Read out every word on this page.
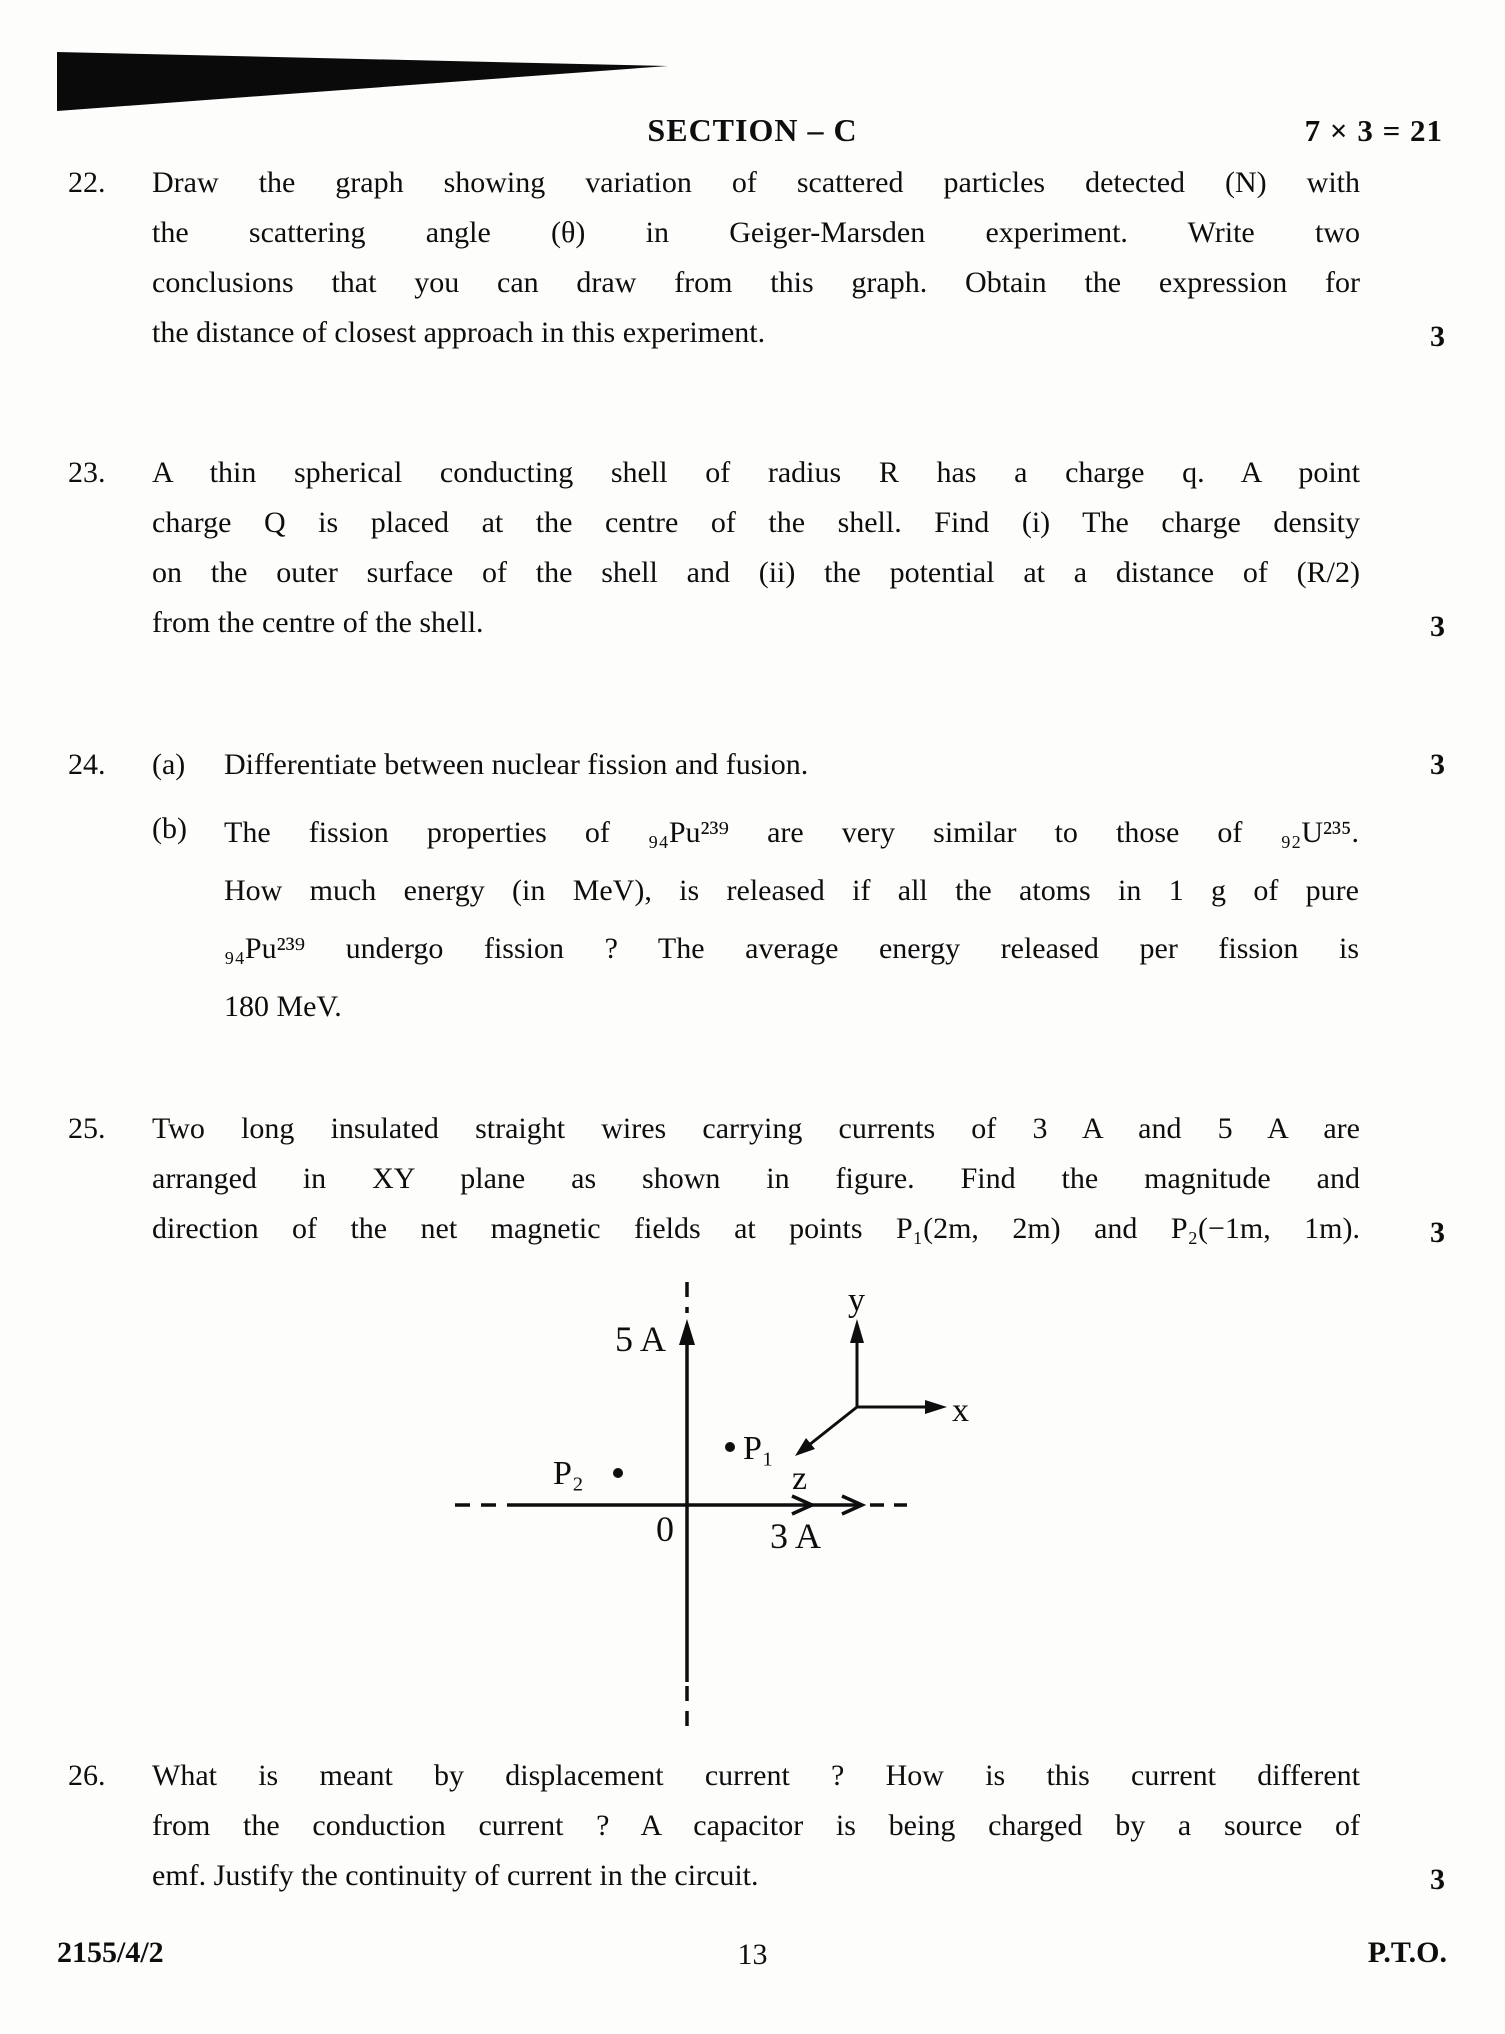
SECTION – C	7 × 3 = 21
22.	Draw the graph showing variation of scattered particles detected (N) with
the scattering angle (θ) in Geiger-Marsden experiment. Write two
conclusions that you can draw from this graph. Obtain the expression for
the distance of closest approach in this experiment.	3
23.	A thin spherical conducting shell of radius R has a charge q. A point
charge Q is placed at the centre of the shell. Find (i) The charge density
on the outer surface of the shell and (ii) the potential at a distance of (R/2)
from the centre of the shell.	3
24.	(a)	Differentiate between nuclear fission and fusion.	3
(b)	The fission properties of ₉₄Pu²³⁹ are very similar to those of ₉₂U²³⁵.
How much energy (in MeV), is released if all the atoms in 1 g of pure
₉₄Pu²³⁹ undergo fission ? The average energy released per fission is
180 MeV.
25.	Two long insulated straight wires carrying currents of 3 A and 5 A are
arranged in XY plane as shown in figure. Find the magnitude and
direction of the net magnetic fields at points P₁(2m, 2m) and P₂(−1m, 1m). 3
5 A
0	3 A
P₁
P₂
y
x
z
26.	What is meant by displacement current ? How is this current different
from the conduction current ? A capacitor is being charged by a source of
emf. Justify the continuity of current in the circuit.	3
2155/4/2	13	P.T.O.
